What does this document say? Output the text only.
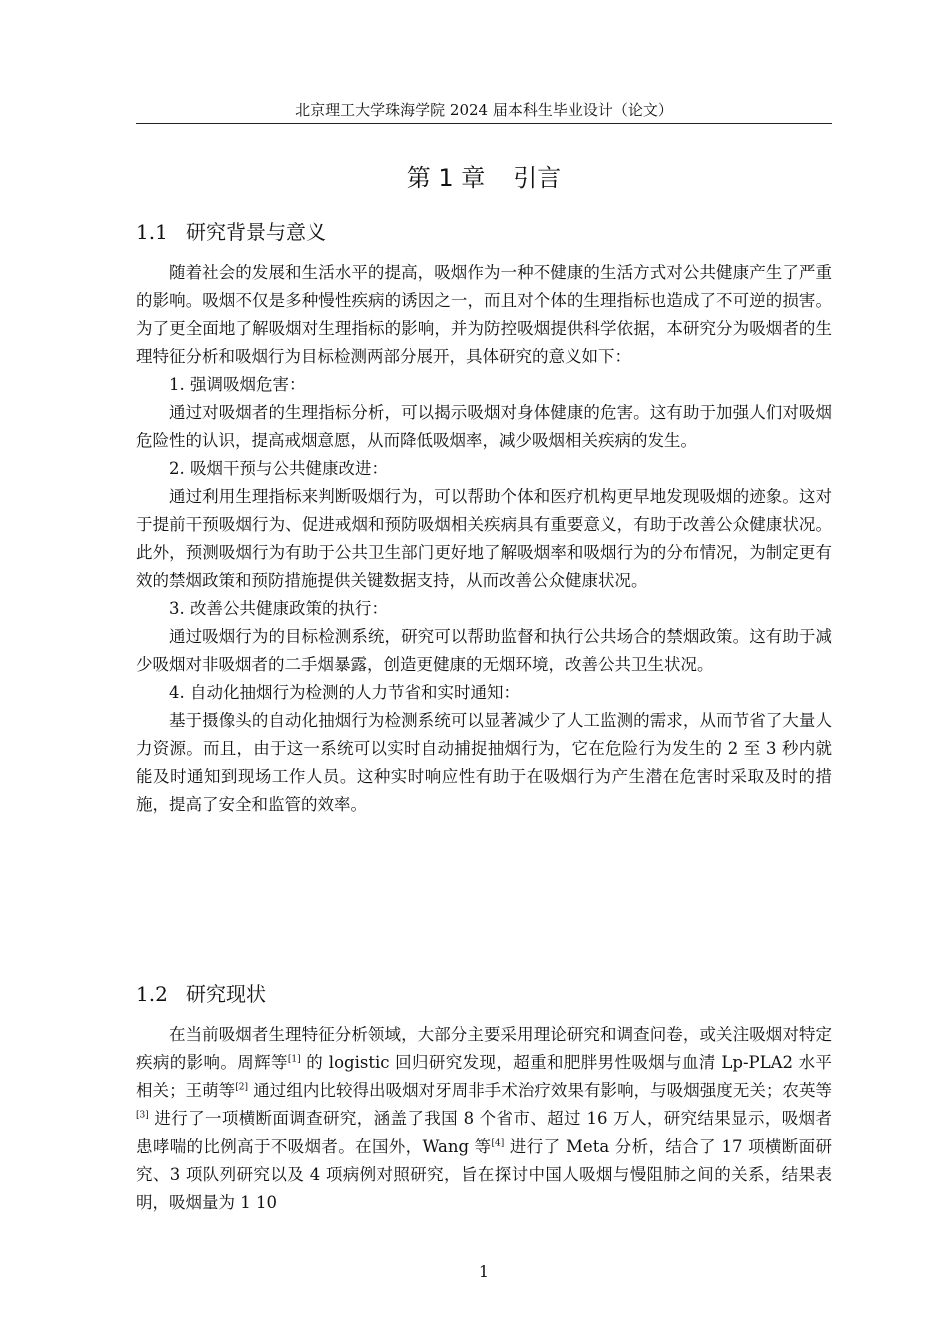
北京理工大学珠海学院 2024 届本科生毕业设计（论文）
第 1 章 引言
1.1 研究背景与意义

随着社会的发展和生活水平的提高，吸烟作为一种不健康的生活方式对公共健康产生了严重的影响。吸烟不仅是多种慢性疾病的诱因之一，而且对个体的生理指标也造成了不可逆的损害。为了更全面地了解吸烟对生理指标的影响，并为防控吸烟提供科学依据，本研究分为吸烟者的生理特征分析和吸烟行为目标检测两部分展开，具体研究的意义如下：

1. 强调吸烟危害：

通过对吸烟者的生理指标分析，可以揭示吸烟对身体健康的危害。这有助于加强人们对吸烟危险性的认识，提高戒烟意愿，从而降低吸烟率，减少吸烟相关疾病的发生。

2. 吸烟干预与公共健康改进：

通过利用生理指标来判断吸烟行为，可以帮助个体和医疗机构更早地发现吸烟的迹象。这对于提前干预吸烟行为、促进戒烟和预防吸烟相关疾病具有重要意义，有助于改善公众健康状况。此外，预测吸烟行为有助于公共卫生部门更好地了解吸烟率和吸烟行为的分布情况，为制定更有效的禁烟政策和预防措施提供关键数据支持，从而改善公众健康状况。

3. 改善公共健康政策的执行：

通过吸烟行为的目标检测系统，研究可以帮助监督和执行公共场合的禁烟政策。这有助于减少吸烟对非吸烟者的二手烟暴露，创造更健康的无烟环境，改善公共卫生状况。

4. 自动化抽烟行为检测的人力节省和实时通知：

基于摄像头的自动化抽烟行为检测系统可以显著减少了人工监测的需求，从而节省了大量人力资源。而且，由于这一系统可以实时自动捕捉抽烟行为，它在危险行为发生的 2 至 3 秒内就能及时通知到现场工作人员。这种实时响应性有助于在吸烟行为产生潜在危害时采取及时的措施，提高了安全和监管的效率。

1.2 研究现状

在当前吸烟者生理特征分析领域，大部分主要采用理论研究和调查问卷，或关注吸烟对特定疾病的影响。周辉等[1] 的 logistic 回归研究发现，超重和肥胖男性吸烟与血清 Lp-PLA2 水平相关；王萌等[2] 通过组内比较得出吸烟对牙周非手术治疗效果有影响，与吸烟强度无关；农英等[3] 进行了一项横断面调查研究，涵盖了我国 8 个省市、超过 16 万人，研究结果显示，吸烟者患哮喘的比例高于不吸烟者。在国外，Wang 等[4] 进行了 Meta 分析，结合了 17 项横断面研究、3 项队列研究以及 4 项病例对照研究，旨在探讨中国人吸烟与慢阻肺之间的关系，结果表明，吸烟量为 1 10

1
